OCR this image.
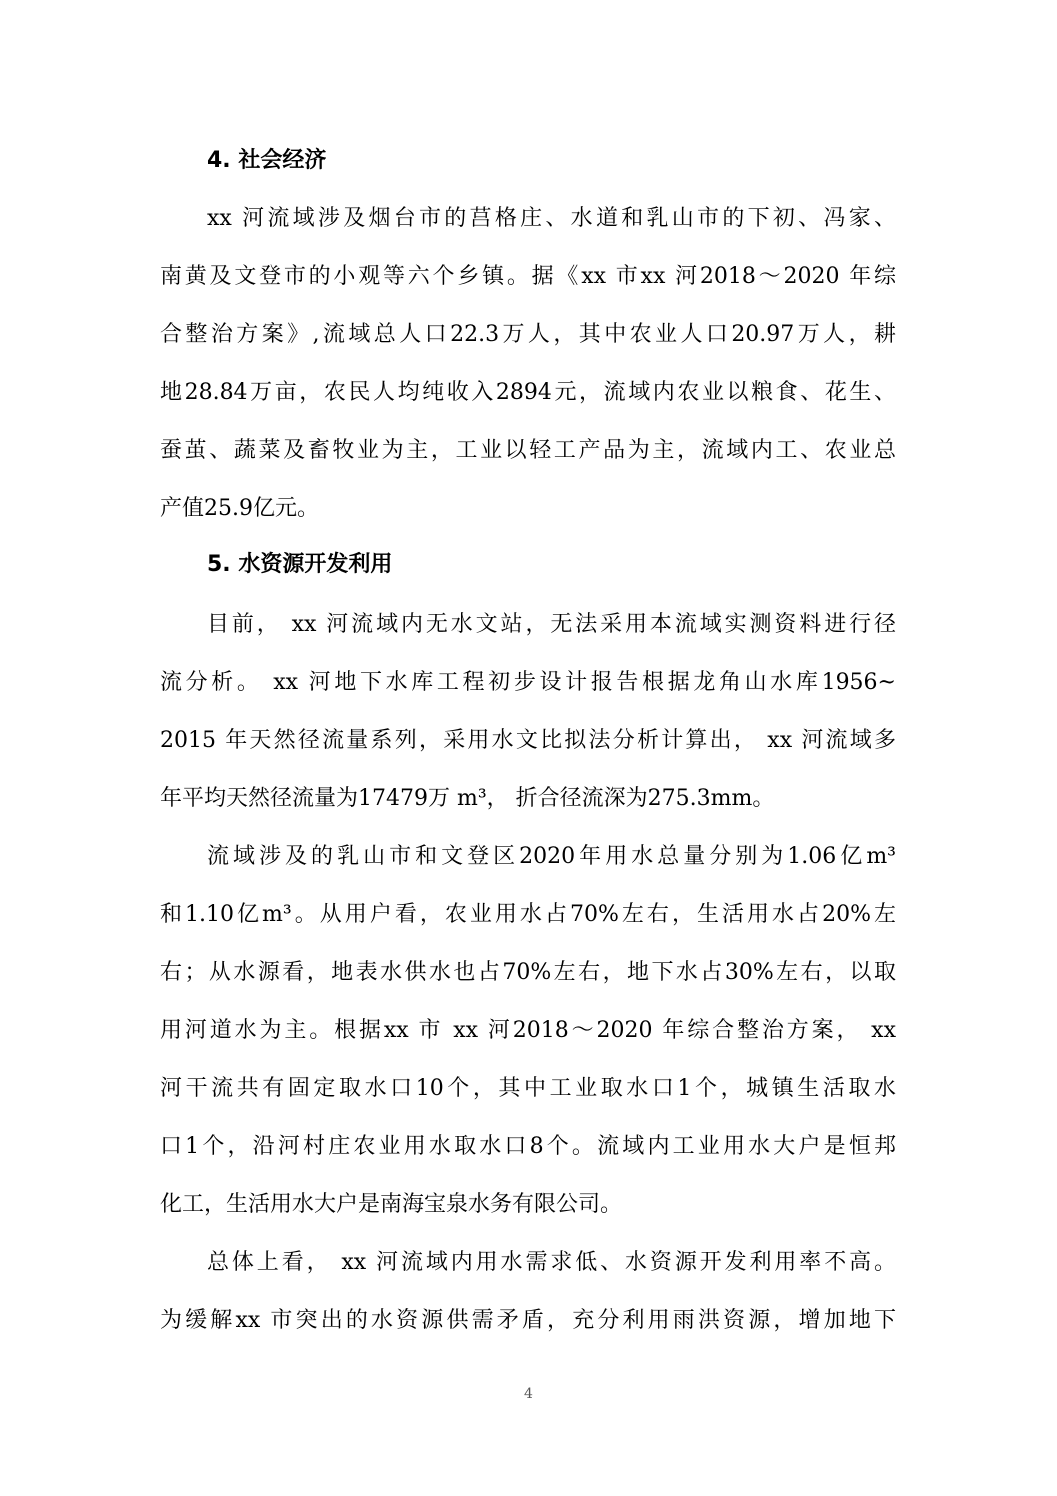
4. 社会经济
xx 河流域涉及烟台市的莒格庄、水道和乳山市的下初、冯家、
南黄及文登市的小观等六个乡镇。据《xx 市xx 河2018～2020 年综
合整治方案》,流域总人口22.3万人，其中农业人口20.97万人，耕
地28.84万亩，农民人均纯收入2894元，流域内农业以粮食、花生、
蚕茧、蔬菜及畜牧业为主，工业以轻工产品为主，流域内工、农业总
产值25.9亿元。
5. 水资源开发利用
目前， xx 河流域内无水文站，无法采用本流域实测资料进行径
流分析。 xx 河地下水库工程初步设计报告根据龙角山水库1956~
2015 年天然径流量系列，采用水文比拟法分析计算出， xx 河流域多
年平均天然径流量为17479万 m³， 折合径流深为275.3mm。
流域涉及的乳山市和文登区2020年用水总量分别为1.06亿m³
和1.10亿m³。从用户看，农业用水占70%左右，生活用水占20%左
右；从水源看，地表水供水也占70%左右，地下水占30%左右，以取
用河道水为主。根据xx 市 xx 河2018～2020 年综合整治方案， xx
河干流共有固定取水口10个，其中工业取水口1个，城镇生活取水
口1个，沿河村庄农业用水取水口8个。流域内工业用水大户是恒邦
化工，生活用水大户是南海宝泉水务有限公司。
总体上看， xx 河流域内用水需求低、水资源开发利用率不高。
为缓解xx 市突出的水资源供需矛盾，充分利用雨洪资源，增加地下
4
